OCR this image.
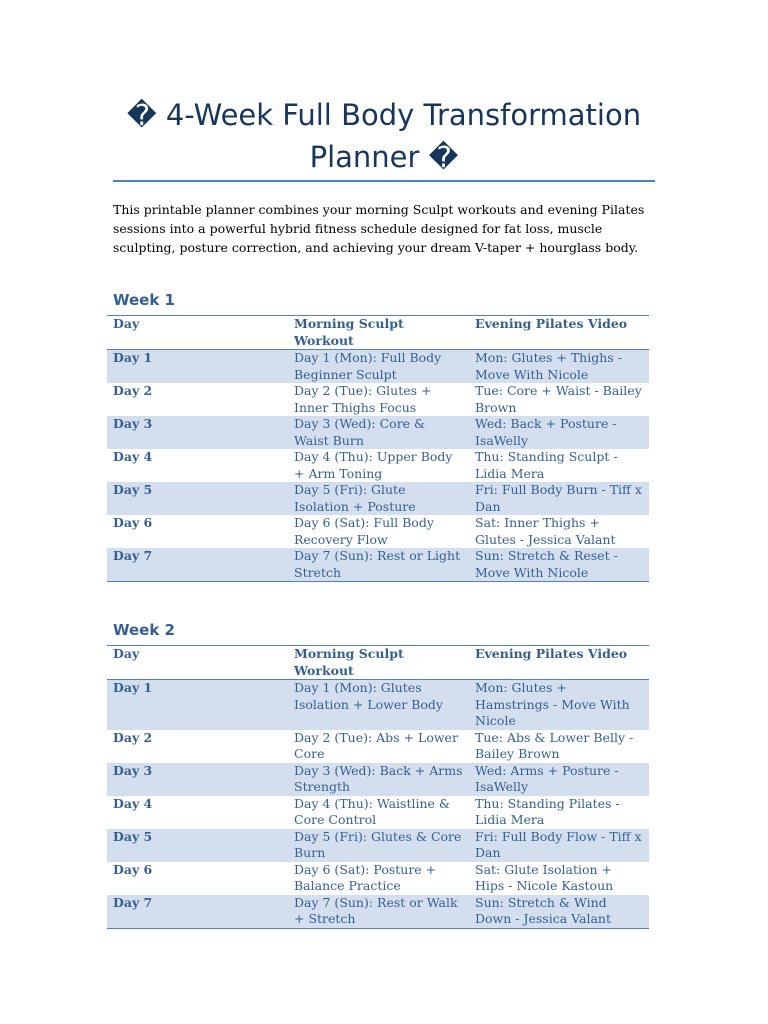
� 4-Week Full Body Transformation Planner �

This printable planner combines your morning Sculpt workouts and evening Pilates sessions into a powerful hybrid fitness schedule designed for fat loss, muscle sculpting, posture correction, and achieving your dream V-taper + hourglass body.

Week 1
Day	Morning Sculpt Workout	Evening Pilates Video
Day 1	Day 1 (Mon): Full Body Beginner Sculpt	Mon: Glutes + Thighs - Move With Nicole
Day 2	Day 2 (Tue): Glutes + Inner Thighs Focus	Tue: Core + Waist - Bailey Brown
Day 3	Day 3 (Wed): Core & Waist Burn	Wed: Back + Posture - IsaWelly
Day 4	Day 4 (Thu): Upper Body + Arm Toning	Thu: Standing Sculpt - Lidia Mera
Day 5	Day 5 (Fri): Glute Isolation + Posture	Fri: Full Body Burn - Tiff x Dan
Day 6	Day 6 (Sat): Full Body Recovery Flow	Sat: Inner Thighs + Glutes - Jessica Valant
Day 7	Day 7 (Sun): Rest or Light Stretch	Sun: Stretch & Reset - Move With Nicole
Week 2
Day	Morning Sculpt Workout	Evening Pilates Video
Day 1	Day 1 (Mon): Glutes Isolation + Lower Body	Mon: Glutes + Hamstrings - Move With Nicole
Day 2	Day 2 (Tue): Abs + Lower Core	Tue: Abs & Lower Belly - Bailey Brown
Day 3	Day 3 (Wed): Back + Arms Strength	Wed: Arms + Posture - IsaWelly
Day 4	Day 4 (Thu): Waistline & Core Control	Thu: Standing Pilates - Lidia Mera
Day 5	Day 5 (Fri): Glutes & Core Burn	Fri: Full Body Flow - Tiff x Dan
Day 6	Day 6 (Sat): Posture + Balance Practice	Sat: Glute Isolation + Hips - Nicole Kastoun
Day 7	Day 7 (Sun): Rest or Walk + Stretch	Sun: Stretch & Wind Down - Jessica Valant
